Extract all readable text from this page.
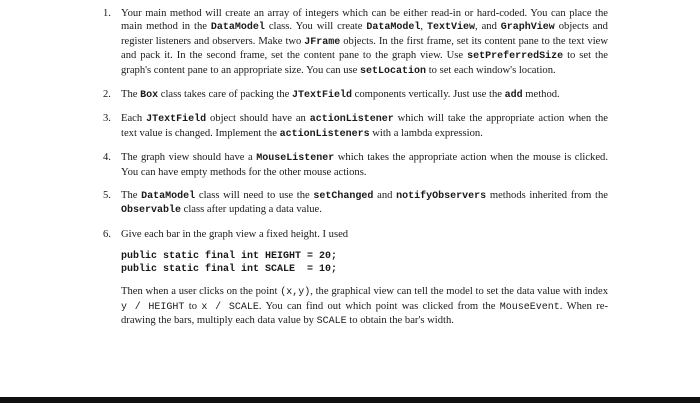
1. Your main method will create an array of integers which can be either read-in or hard-coded. You can place the main method in the DataModel class. You will create DataModel, TextView, and GraphView objects and register listeners and observers. Make two JFrame objects. In the first frame, set its content pane to the text view and pack it. In the second frame, set the content pane to the graph view. Use setPreferredSize to set the graph's content pane to an appropriate size. You can use setLocation to set each window's location.

2. The Box class takes care of packing the JTextField components vertically. Just use the add method.

3. Each JTextField object should have an actionListener which will take the appropriate action when the text value is changed. Implement the actionListeners with a lambda expression.

4. The graph view should have a MouseListener which takes the appropriate action when the mouse is clicked. You can have empty methods for the other mouse actions.

5. The DataModel class will need to use the setChanged and notifyObservers methods inherited from the Observable class after updating a data value.

6. Give each bar in the graph view a fixed height. I used

public static final int HEIGHT = 20;
public static final int SCALE  = 10;

Then when a user clicks on the point (x,y), the graphical view can tell the model to set the data value with index y / HEIGHT to x / SCALE. You can find out which point was clicked from the MouseEvent. When re-drawing the bars, multiply each data value by SCALE to obtain the bar's width.
